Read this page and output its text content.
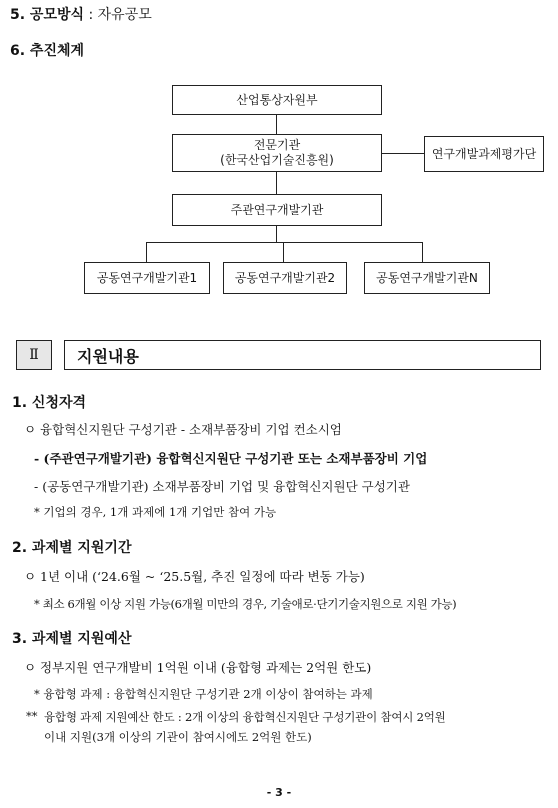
5. 공모방식 : 자유공모
6. 추진체계
산업통상자원부
전문기관
(한국산업기술진흥원)	연구개발과제평가단
주관연구개발기관
공동연구개발기관1	공동연구개발기관2	공동연구개발기관N
Ⅱ	지원내용
1. 신청자격
ㅇ 융합혁신지원단 구성기관 - 소재부품장비 기업 컨소시엄
- (주관연구개발기관) 융합혁신지원단 구성기관 또는 소재부품장비 기업
- (공동연구개발기관) 소재부품장비 기업 및 융합혁신지원단 구성기관
* 기업의 경우, 1개 과제에 1개 기업만 참여 가능
2. 과제별 지원기간
ㅇ 1년 이내 (‘24.6월 ~ ‘25.5월, 추진 일정에 따라 변동 가능)
* 최소 6개월 이상 지원 가능(6개월 미만의 경우, 기술애로·단기기술지원으로 지원 가능)
3. 과제별 지원예산
ㅇ 정부지원 연구개발비 1억원 이내 (융합형 과제는 2억원 한도)
* 융합형 과제 : 융합혁신지원단 구성기관 2개 이상이 참여하는 과제
** 융합형 과제 지원예산 한도 : 2개 이상의 융합혁신지원단 구성기관이 참여시 2억원
이내 지원(3개 이상의 기관이 참여시에도 2억원 한도)
- 3 -
